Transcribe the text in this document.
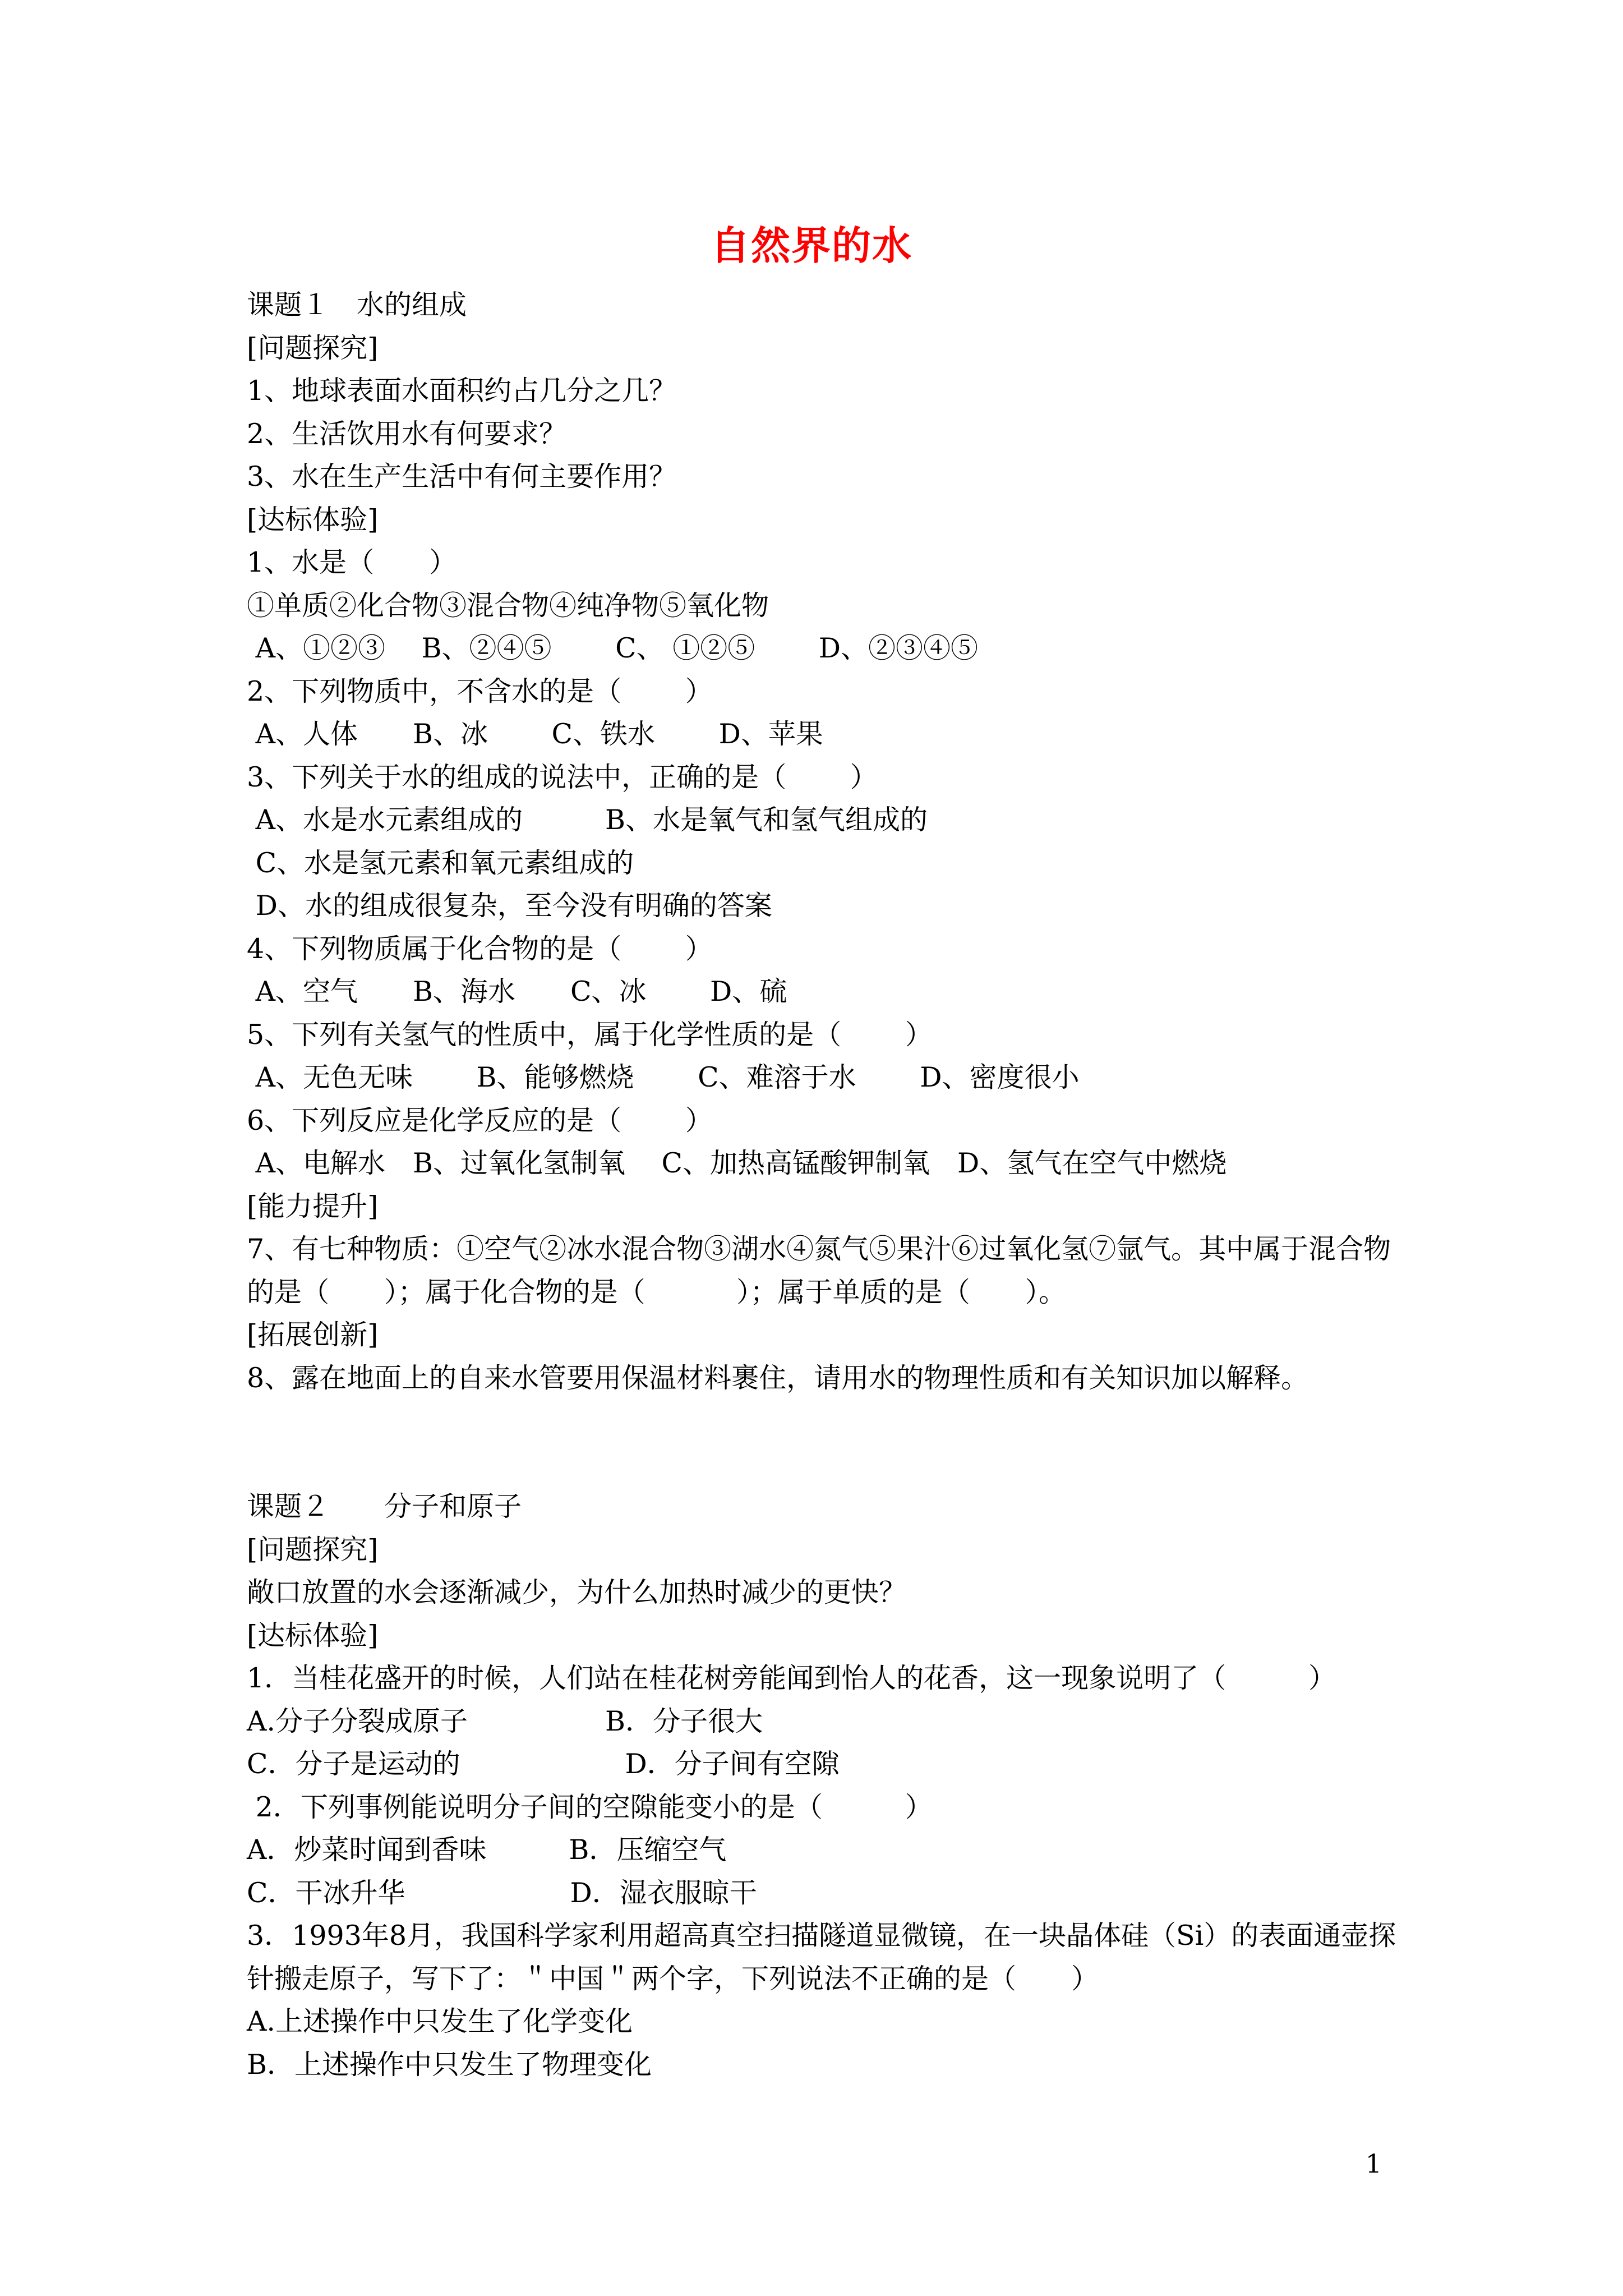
自然界的水
课题１　水的组成
[问题探究]
1、地球表面水面积约占几分之几？
2、生活饮用水有何要求？
3、水在生产生活中有何主要作用？
[达标体验]
1、水是（　　）
①单质②化合物③混合物④纯净物⑤氧化物
A、①②③　 B、②④⑤　　 C、 ①②⑤　　 D、②③④⑤
2、下列物质中，不含水的是（　　 ）
A、人体　　B、冰　　 C、铁水　　 D、苹果
3、下列关于水的组成的说法中，正确的是（　　 ）
A、水是水元素组成的　　　B、水是氧气和氢气组成的
C、水是氢元素和氧元素组成的
D、水的组成很复杂，至今没有明确的答案
4、下列物质属于化合物的是（　　 ）
A、空气　　B、海水　　C、冰　　 D、硫
5、下列有关氢气的性质中，属于化学性质的是（　　 ）
A、无色无味　　 B、能够燃烧　　 C、难溶于水　　 D、密度很小
6、下列反应是化学反应的是（　　 ）
A、电解水　B、过氧化氢制氧　 C、加热高锰酸钾制氧　D、氢气在空气中燃烧
[能力提升]
7、有七种物质：①空气②冰水混合物③湖水④氮气⑤果汁⑥过氧化氢⑦氩气。其中属于混合物的是（　　）；属于化合物的是（　　　 ）；属于单质的是（　　）。
[拓展创新]
8、露在地面上的自来水管要用保温材料裹住，请用水的物理性质和有关知识加以解释。
课题２　　分子和原子
[问题探究]
敞口放置的水会逐渐减少，为什么加热时减少的更快？
[达标体验]
1．当桂花盛开的时候，人们站在桂花树旁能闻到怡人的花香，这一现象说明了（　　　）
A.分子分裂成原子　　　　　B．分子很大
C．分子是运动的　　　　　　D．分子间有空隙
2．下列事例能说明分子间的空隙能变小的是（　　　）
A．炒菜时闻到香味　　　B．压缩空气
C．干冰升华　　　　　　D．湿衣服晾干
3．1993年8月，我国科学家利用超高真空扫描隧道显微镜，在一块晶体硅（Si）的表面通壶探针搬走原子，写下了：＂中国＂两个字，下列说法不正确的是（　　）
A.上述操作中只发生了化学变化
B．上述操作中只发生了物理变化
1
